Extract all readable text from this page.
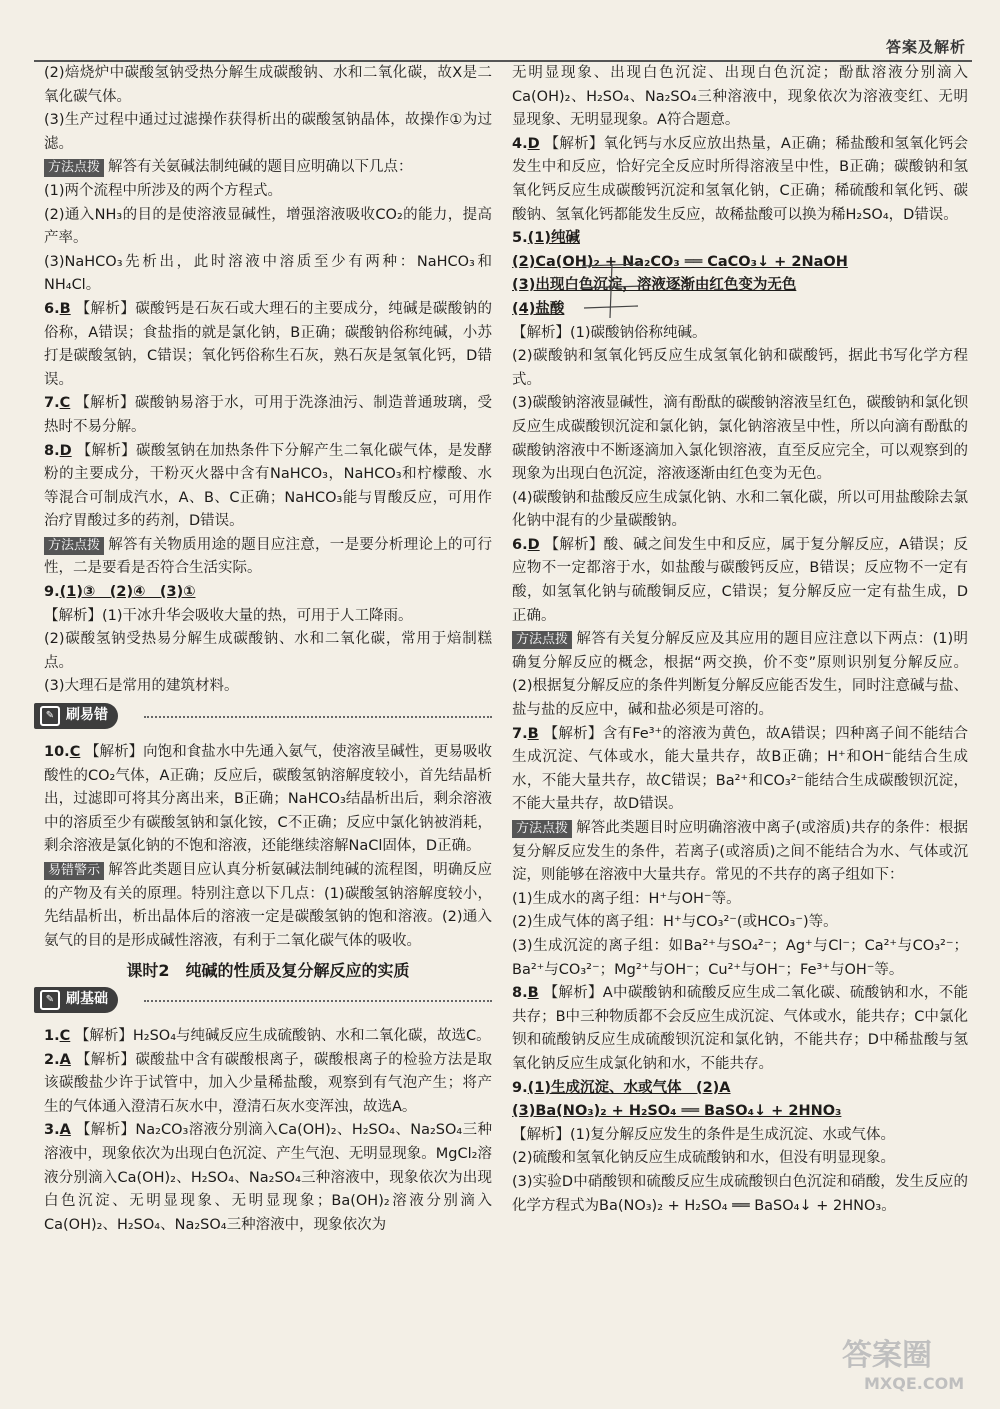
答案及解析

(2)焙烧炉中碳酸氢钠受热分解生成碳酸钠、水和二氧化碳，故X是二氧化碳气体。

(3)生产过程中通过过滤操作获得析出的碳酸氢钠晶体，故操作①为过滤。

方法点拨 解答有关氨碱法制纯碱的题目应明确以下几点：

(1)两个流程中所涉及的两个方程式。

(2)通入NH₃的目的是使溶液显碱性，增强溶液吸收CO₂的能力，提高产率。

(3)NaHCO₃先析出，此时溶液中溶质至少有两种：NaHCO₃和NH₄Cl。

6.B 【解析】碳酸钙是石灰石或大理石的主要成分，纯碱是碳酸钠的俗称，A错误；食盐指的就是氯化钠，B正确；碳酸钠俗称纯碱，小苏打是碳酸氢钠，C错误；氧化钙俗称生石灰，熟石灰是氢氧化钙，D错误。

7.C 【解析】碳酸钠易溶于水，可用于洗涤油污、制造普通玻璃，受热时不易分解。

8.D 【解析】碳酸氢钠在加热条件下分解产生二氧化碳气体，是发酵粉的主要成分，干粉灭火器中含有NaHCO₃，NaHCO₃和柠檬酸、水等混合可制成汽水，A、B、C正确；NaHCO₃能与胃酸反应，可用作治疗胃酸过多的药剂，D错误。

方法点拨 解答有关物质用途的题目应注意，一是要分析理论上的可行性，二是要看是否符合生活实际。

9.(1)③　(2)④　(3)①

【解析】(1)干冰升华会吸收大量的热，可用于人工降雨。

(2)碳酸氢钠受热易分解生成碳酸钠、水和二氧化碳，常用于焙制糕点。

(3)大理石是常用的建筑材料。

✎ 刷易错

10.C 【解析】向饱和食盐水中先通入氨气，使溶液呈碱性，更易吸收酸性的CO₂气体，A正确；反应后，碳酸氢钠溶解度较小，首先结晶析出，过滤即可将其分离出来，B正确；NaHCO₃结晶析出后，剩余溶液中的溶质至少有碳酸氢钠和氯化铵，C不正确；反应中氯化钠被消耗，剩余溶液是氯化钠的不饱和溶液，还能继续溶解NaCl固体，D正确。

易错警示 解答此类题目应认真分析氨碱法制纯碱的流程图，明确反应的产物及有关的原理。特别注意以下几点：(1)碳酸氢钠溶解度较小，先结晶析出，析出晶体后的溶液一定是碳酸氢钠的饱和溶液。(2)通入氨气的目的是形成碱性溶液，有利于二氧化碳气体的吸收。

课时2　纯碱的性质及复分解反应的实质
✎ 刷基础

1.C 【解析】H₂SO₄与纯碱反应生成硫酸钠、水和二氧化碳，故选C。

2.A 【解析】碳酸盐中含有碳酸根离子，碳酸根离子的检验方法是取该碳酸盐少许于试管中，加入少量稀盐酸，观察到有气泡产生；将产生的气体通入澄清石灰水中，澄清石灰水变浑浊，故选A。

3.A 【解析】Na₂CO₃溶液分别滴入Ca(OH)₂、H₂SO₄、Na₂SO₄三种溶液中，现象依次为出现白色沉淀、产生气泡、无明显现象。MgCl₂溶液分别滴入Ca(OH)₂、H₂SO₄、Na₂SO₄三种溶液中，现象依次为出现白色沉淀、无明显现象、无明显现象；Ba(OH)₂溶液分别滴入Ca(OH)₂、H₂SO₄、Na₂SO₄三种溶液中，现象依次为

无明显现象、出现白色沉淀、出现白色沉淀；酚酞溶液分别滴入Ca(OH)₂、H₂SO₄、Na₂SO₄三种溶液中，现象依次为溶液变红、无明显现象、无明显现象。A符合题意。

4.D 【解析】氧化钙与水反应放出热量，A正确；稀盐酸和氢氧化钙会发生中和反应，恰好完全反应时所得溶液呈中性，B正确；碳酸钠和氢氧化钙反应生成碳酸钙沉淀和氢氧化钠，C正确；稀硫酸和氧化钙、碳酸钠、氢氧化钙都能发生反应，故稀盐酸可以换为稀H₂SO₄，D错误。

5.(1)纯碱

(2)Ca(OH)₂ + Na₂CO₃ ══ CaCO₃↓ + 2NaOH

(3)出现白色沉淀，溶液逐渐由红色变为无色

(4)盐酸

【解析】(1)碳酸钠俗称纯碱。

(2)碳酸钠和氢氧化钙反应生成氢氧化钠和碳酸钙，据此书写化学方程式。

(3)碳酸钠溶液显碱性，滴有酚酞的碳酸钠溶液呈红色，碳酸钠和氯化钡反应生成碳酸钡沉淀和氯化钠，氯化钠溶液呈中性，所以向滴有酚酞的碳酸钠溶液中不断逐滴加入氯化钡溶液，直至反应完全，可以观察到的现象为出现白色沉淀，溶液逐渐由红色变为无色。

(4)碳酸钠和盐酸反应生成氯化钠、水和二氧化碳，所以可用盐酸除去氯化钠中混有的少量碳酸钠。

6.D 【解析】酸、碱之间发生中和反应，属于复分解反应，A错误；反应物不一定都溶于水，如盐酸与碳酸钙反应，B错误；反应物不一定有酸，如氢氧化钠与硫酸铜反应，C错误；复分解反应一定有盐生成，D正确。

方法点拨 解答有关复分解反应及其应用的题目应注意以下两点：(1)明确复分解反应的概念，根据“两交换，价不变”原则识别复分解反应。(2)根据复分解反应的条件判断复分解反应能否发生，同时注意碱与盐、盐与盐的反应中，碱和盐必须是可溶的。

7.B 【解析】含有Fe³⁺的溶液为黄色，故A错误；四种离子间不能结合生成沉淀、气体或水，能大量共存，故B正确；H⁺和OH⁻能结合生成水，不能大量共存，故C错误；Ba²⁺和CO₃²⁻能结合生成碳酸钡沉淀，不能大量共存，故D错误。

方法点拨 解答此类题目时应明确溶液中离子(或溶质)共存的条件：根据复分解反应发生的条件，若离子(或溶质)之间不能结合为水、气体或沉淀，则能够在溶液中大量共存。常见的不共存的离子组如下：

(1)生成水的离子组：H⁺与OH⁻等。

(2)生成气体的离子组：H⁺与CO₃²⁻(或HCO₃⁻)等。

(3)生成沉淀的离子组：如Ba²⁺与SO₄²⁻；Ag⁺与Cl⁻；Ca²⁺与CO₃²⁻；Ba²⁺与CO₃²⁻；Mg²⁺与OH⁻；Cu²⁺与OH⁻；Fe³⁺与OH⁻等。

8.B 【解析】A中碳酸钠和硫酸反应生成二氧化碳、硫酸钠和水，不能共存；B中三种物质都不会反应生成沉淀、气体或水，能共存；C中氯化钡和硫酸钠反应生成硫酸钡沉淀和氯化钠，不能共存；D中稀盐酸与氢氧化钠反应生成氯化钠和水，不能共存。

9.(1)生成沉淀、水或气体　(2)A

(3)Ba(NO₃)₂ + H₂SO₄ ══ BaSO₄↓ + 2HNO₃

【解析】(1)复分解反应发生的条件是生成沉淀、水或气体。

(2)硫酸和氢氧化钠反应生成硫酸钠和水，但没有明显现象。

(3)实验D中硝酸钡和硫酸反应生成硫酸钡白色沉淀和硝酸，发生反应的化学方程式为Ba(NO₃)₂ + H₂SO₄ ══ BaSO₄↓ + 2HNO₃。

答案圈
MXQE.COM
